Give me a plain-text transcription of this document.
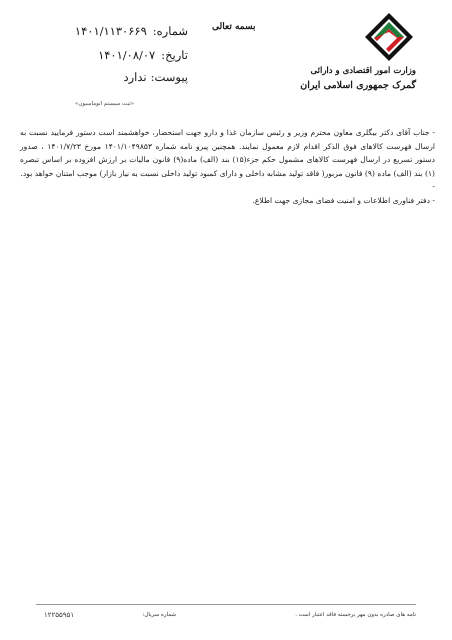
بسمه تعالی
شماره:
۱۴۰۱/۱۱۳۰۶۶۹
تاریخ:
۱۴۰۱/۰۸/۰۷
پیوست:
ندارد	وزارت امور اقتصادی و دارائی
گمرک جمهوری اسلامی ایران
«ثبت سیستم اتوماسیون»

- جناب آقای دکتر بیگلری معاون محترم وزیر و رئیس سازمان غذا و دارو جهت استحضار، خواهشمند است دستور فرمایید نسبت به ارسال فهرست کالاهای فوق الذکر اقدام لازم معمول نمایند. همچنین پیرو نامه شماره ۱۴۰۱/۱۰۴۹۸۵۳ مورخ ۱۴۰۱/۷/۲۳ ، صدور دستور تسریع در ارسال فهرست کالاهای مشمول حکم جزء(۱۵) بند (الف) ماده(۹) قانون مالیات بر ارزش افزوده بر اساس تبصره (۱) بند (الف) ماده (۹) قانون مزبور( فاقد تولید مشابه داخلی و دارای کمبود تولید داخلی نسبت به نیاز بازار) موجب امتنان خواهد بود.

-

- دفتر فناوری اطلاعات و امنیت فضای مجازی جهت اطلاع.

نامه های صادره بدون مهر برجسته فاقد اعتبار است .
شماره سریال:
۱۲۲۵۵۹۵۱
